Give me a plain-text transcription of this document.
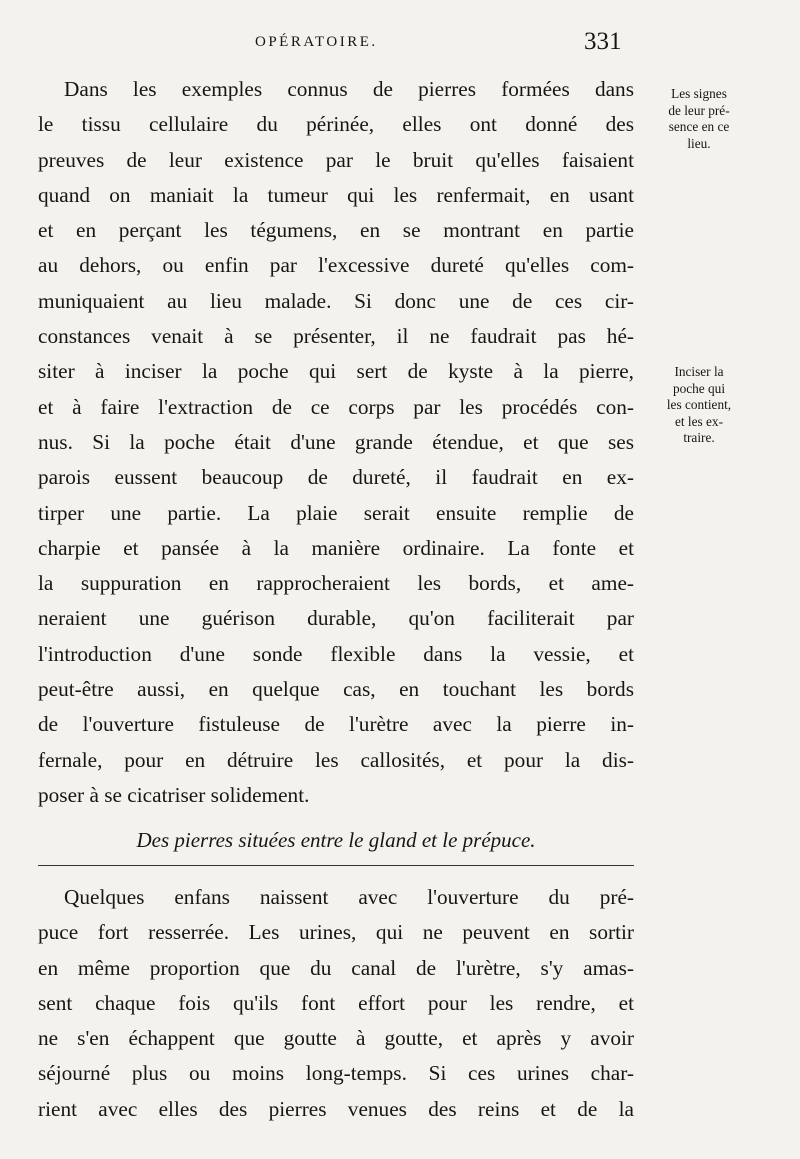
OPÉRATOIRE.	331
Dans les exemples connus de pierres formées dans
le tissu cellulaire du périnée, elles ont donné des
preuves de leur existence par le bruit qu'elles faisaient
quand on maniait la tumeur qui les renfermait, en usant
et en perçant les tégumens, en se montrant en partie
au dehors, ou enfin par l'excessive dureté qu'elles com-
muniquaient au lieu malade. Si donc une de ces cir-
constances venait à se présenter, il ne faudrait pas hé-
siter à inciser la poche qui sert de kyste à la pierre,
et à faire l'extraction de ce corps par les procédés con-
nus. Si la poche était d'une grande étendue, et que ses
parois eussent beaucoup de dureté, il faudrait en ex-
tirper une partie. La plaie serait ensuite remplie de
charpie et pansée à la manière ordinaire. La fonte et
la suppuration en rapprocheraient les bords, et ame-
neraient une guérison durable, qu'on faciliterait par
l'introduction d'une sonde flexible dans la vessie, et
peut-être aussi, en quelque cas, en touchant les bords
de l'ouverture fistuleuse de l'urètre avec la pierre in-
fernale, pour en détruire les callosités, et pour la dis-
poser à se cicatriser solidement.
Des pierres situées entre le gland et le prépuce.
Quelques enfans naissent avec l'ouverture du pré-
puce fort resserrée. Les urines, qui ne peuvent en sortir
en même proportion que du canal de l'urètre, s'y amas-
sent chaque fois qu'ils font effort pour les rendre, et
ne s'en échappent que goutte à goutte, et après y avoir
séjourné plus ou moins long-temps. Si ces urines char-
rient avec elles des pierres venues des reins et de la
Les signes
de leur pré-
sence en ce
lieu.
Inciser la
poche qui
les contient,
et les ex-
traire.
